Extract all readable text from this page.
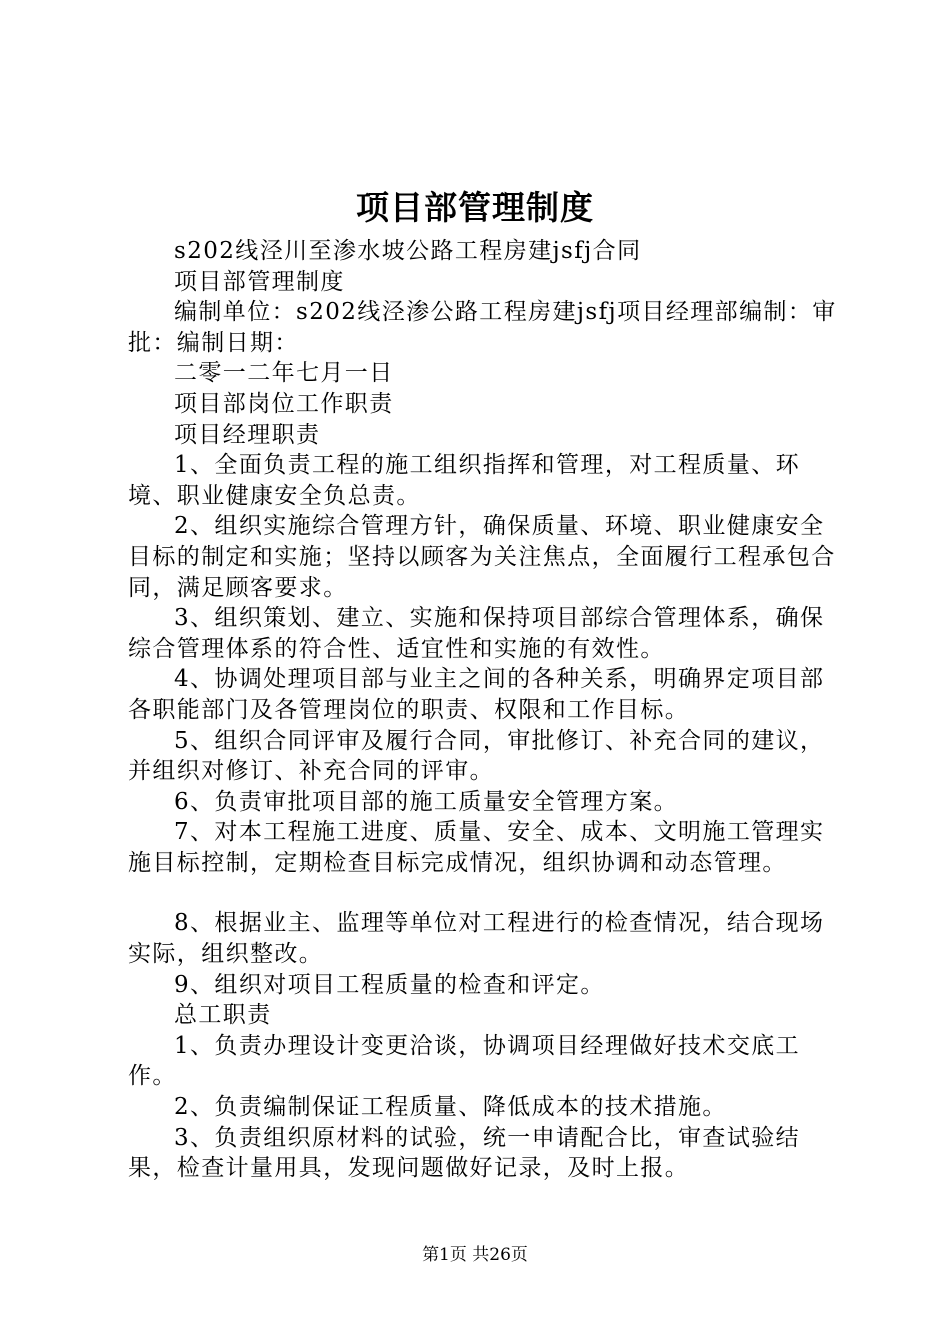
项目部管理制度

s202线泾川至渗水坡公路工程房建jsfj合同

项目部管理制度

编制单位：s202线泾渗公路工程房建jsfj项目经理部编制：审批：编制日期：

二零一二年七月一日

项目部岗位工作职责

项目经理职责

1、全面负责工程的施工组织指挥和管理，对工程质量、环境、职业健康安全负总责。

2、组织实施综合管理方针，确保质量、环境、职业健康安全目标的制定和实施；坚持以顾客为关注焦点，全面履行工程承包合同，满足顾客要求。

3、组织策划、建立、实施和保持项目部综合管理体系，确保综合管理体系的符合性、适宜性和实施的有效性。

4、协调处理项目部与业主之间的各种关系，明确界定项目部各职能部门及各管理岗位的职责、权限和工作目标。

5、组织合同评审及履行合同，审批修订、补充合同的建议，并组织对修订、补充合同的评审。

6、负责审批项目部的施工质量安全管理方案。

7、对本工程施工进度、质量、安全、成本、文明施工管理实施目标控制，定期检查目标完成情况，组织协调和动态管理。

8、根据业主、监理等单位对工程进行的检查情况，结合现场实际，组织整改。

9、组织对项目工程质量的检查和评定。

总工职责

1、负责办理设计变更洽谈，协调项目经理做好技术交底工作。

2、负责编制保证工程质量、降低成本的技术措施。

3、负责组织原材料的试验，统一申请配合比，审查试验结果，检查计量用具，发现问题做好记录，及时上报。

第1页 共26页
